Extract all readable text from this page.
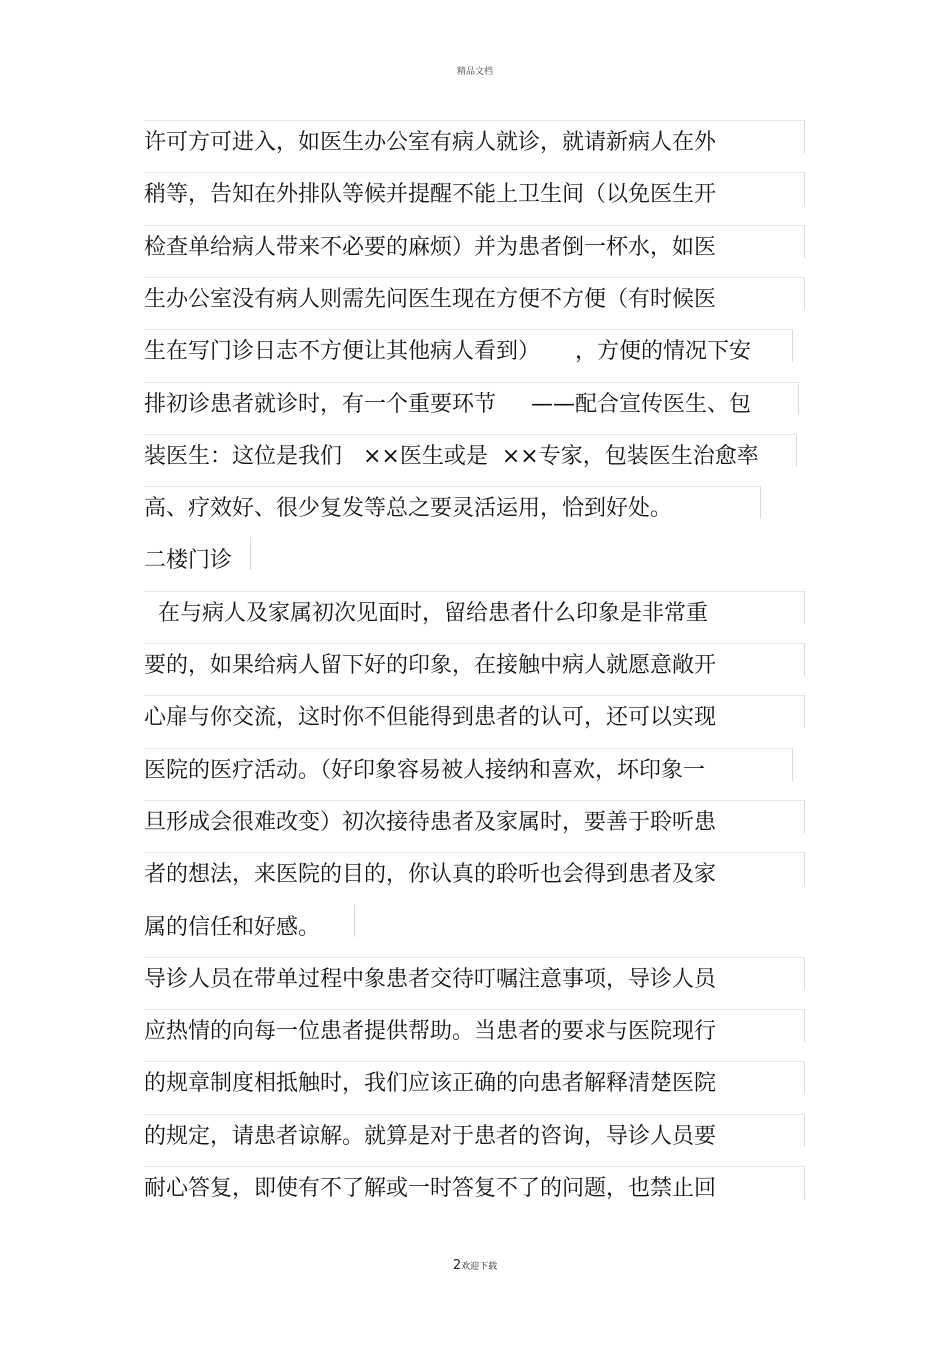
精品文档
许可方可进入，如医生办公室有病人就诊，就请新病人在外
稍等，告知在外排队等候并提醒不能上卫生间（以免医生开
检查单给病人带来不必要的麻烦）并为患者倒一杯水，如医
生办公室没有病人则需先问医生现在方便不方便（有时候医
生在写门诊日志不方便让其他病人看到）     ，方便的情况下安
排初诊患者就诊时，有一个重要环节     ——配合宣传医生、包
装医生：这位是我们   ××医生或是  ××专家，包装医生治愈率
高、疗效好、很少复发等总之要灵活运用，恰到好处。
二楼门诊
在与病人及家属初次见面时，留给患者什么印象是非常重
要的，如果给病人留下好的印象，在接触中病人就愿意敞开
心扉与你交流，这时你不但能得到患者的认可，还可以实现
医院的医疗活动。（好印象容易被人接纳和喜欢，坏印象一
旦形成会很难改变）初次接待患者及家属时，要善于聆听患
者的想法，来医院的目的，你认真的聆听也会得到患者及家
属的信任和好感。
导诊人员在带单过程中象患者交待叮嘱注意事项，导诊人员
应热情的向每一位患者提供帮助。当患者的要求与医院现行
的规章制度相抵触时，我们应该正确的向患者解释清楚医院
的规定，请患者谅解。就算是对于患者的咨询，导诊人员要
耐心答复，即使有不了解或一时答复不了的问题，也禁止回
2欢迎下载
